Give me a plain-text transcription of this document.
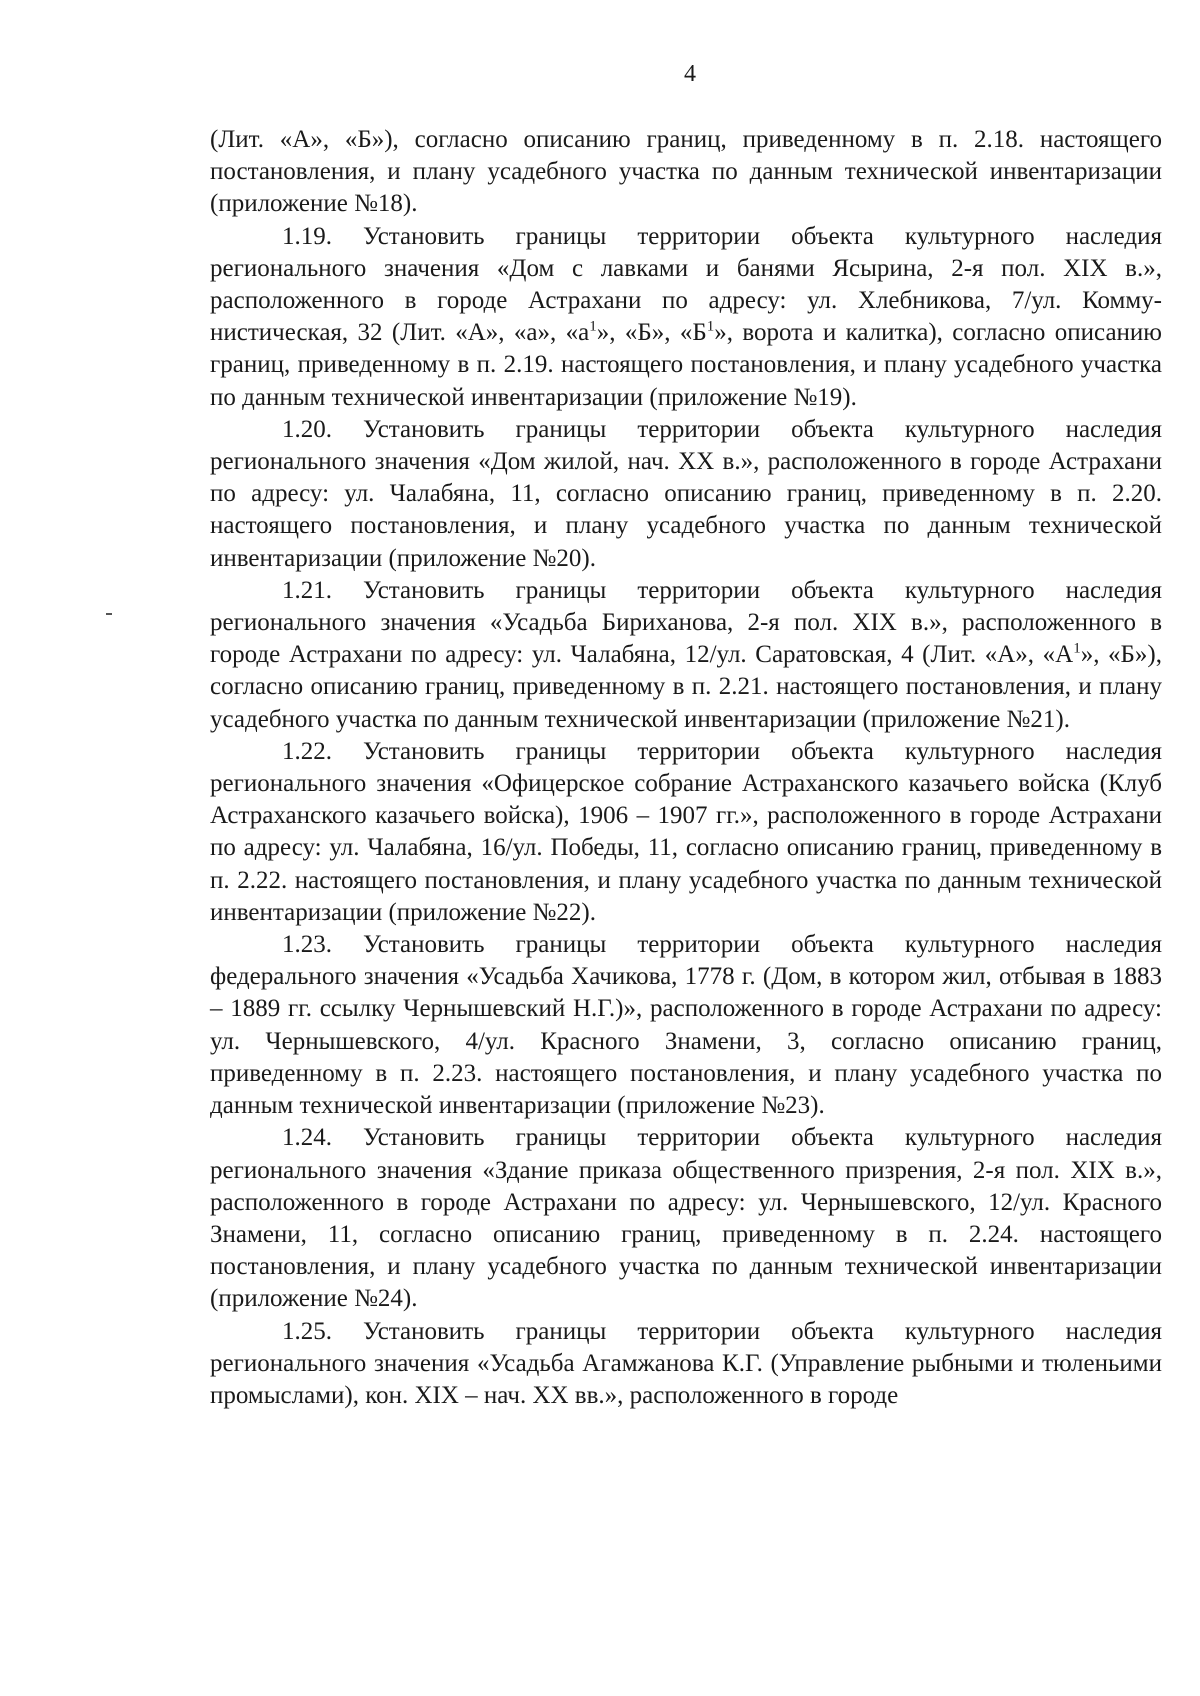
4

(Лит. «А», «Б»), согласно описанию границ, приведенному в п. 2.18. настоящего постановления, и плану усадебного участка по данным технической инвентаризации (приложение №18).

1.19. Установить границы территории объекта культурного наследия регионального значения «Дом с лавками и банями Ясырина, 2-я пол. XIX в.», расположенного в городе Астрахани по адресу: ул. Хлебникова, 7/ул. Коммунистическая, 32 (Лит. «А», «а», «$а^1$», «Б», «$Б^1$», ворота и калитка), согласно описанию границ, приведенному в п. 2.19. настоящего постановления, и плану усадебного участка по данным технической инвентаризации (приложение №19).

1.20. Установить границы территории объекта культурного наследия регионального значения «Дом жилой, нач. XX в.», расположенного в городе Астрахани по адресу: ул. Чалабяна, 11, согласно описанию границ, приведенному в п. 2.20. настоящего постановления, и плану усадебного участка по данным технической инвентаризации (приложение №20).

1.21. Установить границы территории объекта культурного наследия регионального значения «Усадьба Бириханова, 2-я пол. XIX в.», расположенного в городе Астрахани по адресу: ул. Чалабяна, 12/ул. Саратовская, 4 (Лит. «А», «$А^1$», «Б»), согласно описанию границ, приведенному в п. 2.21. настоящего постановления, и плану усадебного участка по данным технической инвентаризации (приложение №21).

1.22. Установить границы территории объекта культурного наследия регионального значения «Офицерское собрание Астраханского казачьего войска (Клуб Астраханского казачьего войска), 1906 – 1907 гг.», расположенного в городе Астрахани по адресу: ул. Чалабяна, 16/ул. Победы, 11, согласно описанию границ, приведенному в п. 2.22. настоящего постановления, и плану усадебного участка по данным технической инвентаризации (приложение №22).

1.23. Установить границы территории объекта культурного наследия федерального значения «Усадьба Хачикова, 1778 г. (Дом, в котором жил, отбывая в 1883 – 1889 гг. ссылку Чернышевский Н.Г.)», расположенного в городе Астрахани по адресу: ул. Чернышевского, 4/ул. Красного Знамени, 3, согласно описанию границ, приведенному в п. 2.23. настоящего постановления, и плану усадебного участка по данным технической инвентаризации (приложение №23).

1.24. Установить границы территории объекта культурного наследия регионального значения «Здание приказа общественного призрения, 2-я пол. XIX в.», расположенного в городе Астрахани по адресу: ул. Чернышевского, 12/ул. Красного Знамени, 11, согласно описанию границ, приведенному в п. 2.24. настоящего постановления, и плану усадебного участка по данным технической инвентаризации (приложение №24).

1.25. Установить границы территории объекта культурного наследия регионального значения «Усадьба Агамжанова К.Г. (Управление рыбными и тюленьими промыслами), кон. XIX – нач. XX вв.», расположенного в городе
